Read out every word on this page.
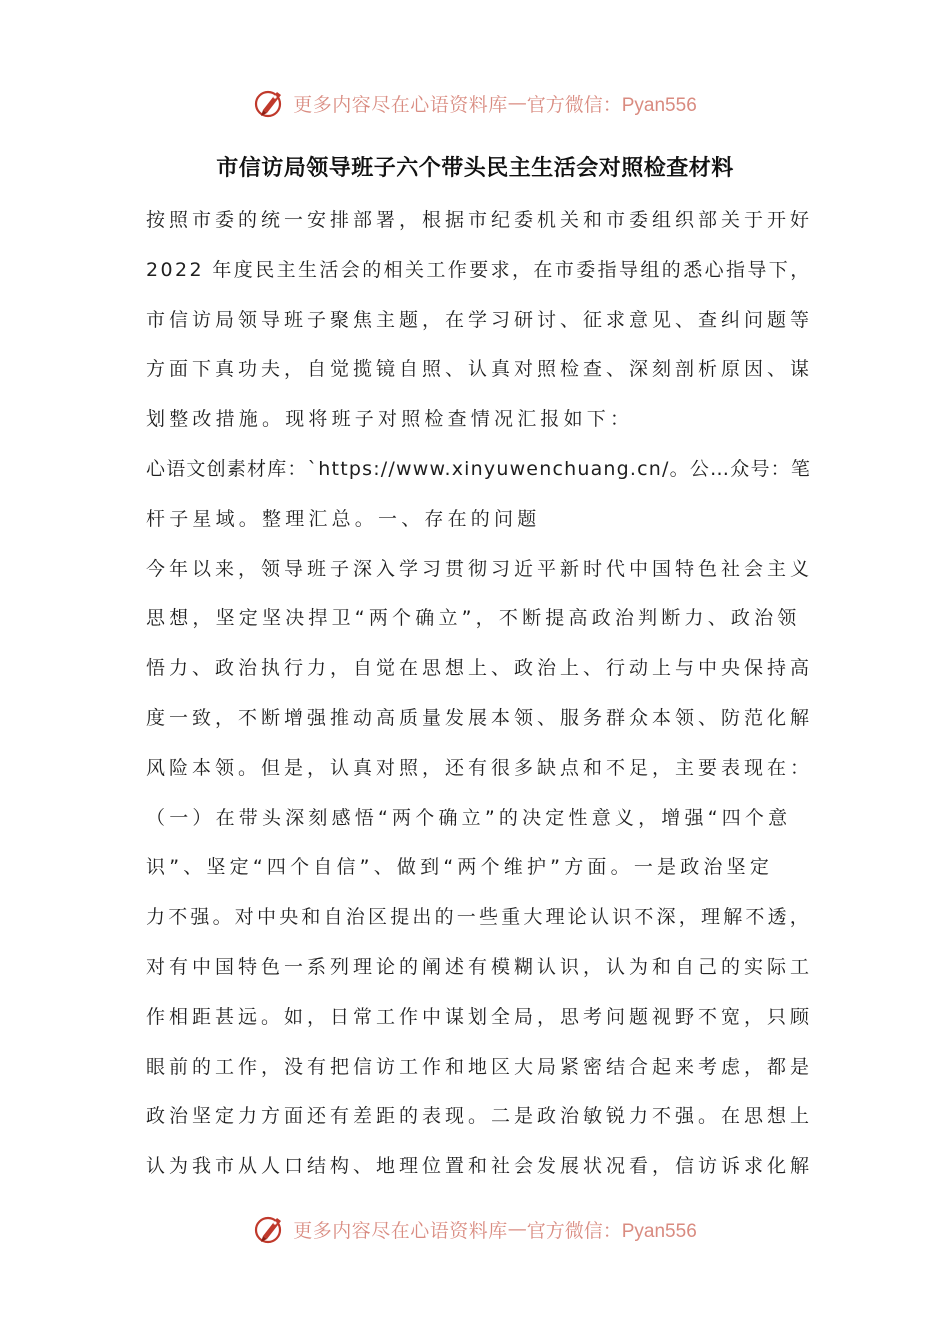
更多内容尽在心语资料库 — 官方微信：Pyan556
市信访局领导班子六个带头民主生活会对照检查材料
按照市委的统一安排部署，根据市纪委机关和市委组织部关于开好
2022 年度民主生活会的相关工作要求，在市委指导组的悉心指导下，
市信访局领导班子聚焦主题，在学习研讨、征求意见、查纠问题等
方面下真功夫，自觉揽镜自照、认真对照检查、深刻剖析原因、谋
划整改措施。现将班子对照检查情况汇报如下：
心语文创素材库：`https://www.xinyuwenchuang.cn/。公…众号：笔
杆子星域。整理汇总。一、存在的问题
今年以来，领导班子深入学习贯彻习近平新时代中国特色社会主义
思想，坚定坚决捍卫“两个确立”，不断提高政治判断力、政治领
悟力、政治执行力，自觉在思想上、政治上、行动上与中央保持高
度一致，不断增强推动高质量发展本领、服务群众本领、防范化解
风险本领。但是，认真对照，还有很多缺点和不足，主要表现在：
（一）在带头深刻感悟“两个确立”的决定性意义，增强“四个意
识”、坚定“四个自信”、做到“两个维护”方面。一是政治坚定
力不强。对中央和自治区提出的一些重大理论认识不深，理解不透，
对有中国特色一系列理论的阐述有模糊认识，认为和自己的实际工
作相距甚远。如，日常工作中谋划全局，思考问题视野不宽，只顾
眼前的工作，没有把信访工作和地区大局紧密结合起来考虑，都是
政治坚定力方面还有差距的表现。二是政治敏锐力不强。在思想上
认为我市从人口结构、地理位置和社会发展状况看，信访诉求化解
更多内容尽在心语资料库 — 官方微信：Pyan556
